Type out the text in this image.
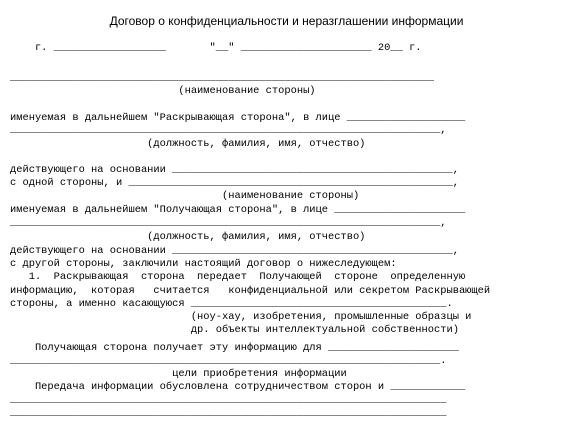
Договор о конфиденциальности и неразглашении информации
г. __________________       "__" _____________________ 20__ г.
____________________________________________________________________
(наименование стороны)
именуемая в дальнейшем "Раскрывающая сторона", в лице ___________________
_____________________________________________________________________,
(должность, фамилия, имя, отчество)
действующего на основании _____________________________________________,
с одной стороны, и ____________________________________________________,
(наименование стороны)
именуемая в дальнейшем "Получающая сторона", в лице _____________________
_____________________________________________________________________,
(должность, фамилия, имя, отчество)
действующего на основании _____________________________________________,
с другой стороны, заключили настоящий договор о нижеследующем:
1.  Раскрывающая  сторона  передает  Получающей  стороне  определенную
информацию,  которая   считается   конфиденциальной или секретом Раскрывающей
стороны, а именно касающуюся _________________________________________.
(ноу-хау, изобретения, промышленные образцы и
др. объекты интеллектуальной собственности)
Получающая сторона получает эту информацию для _____________________
_____________________________________________________________________.
цели приобретения информации
Передача информации обусловлена сотрудничеством сторон и ____________
______________________________________________________________________
______________________________________________________________________
